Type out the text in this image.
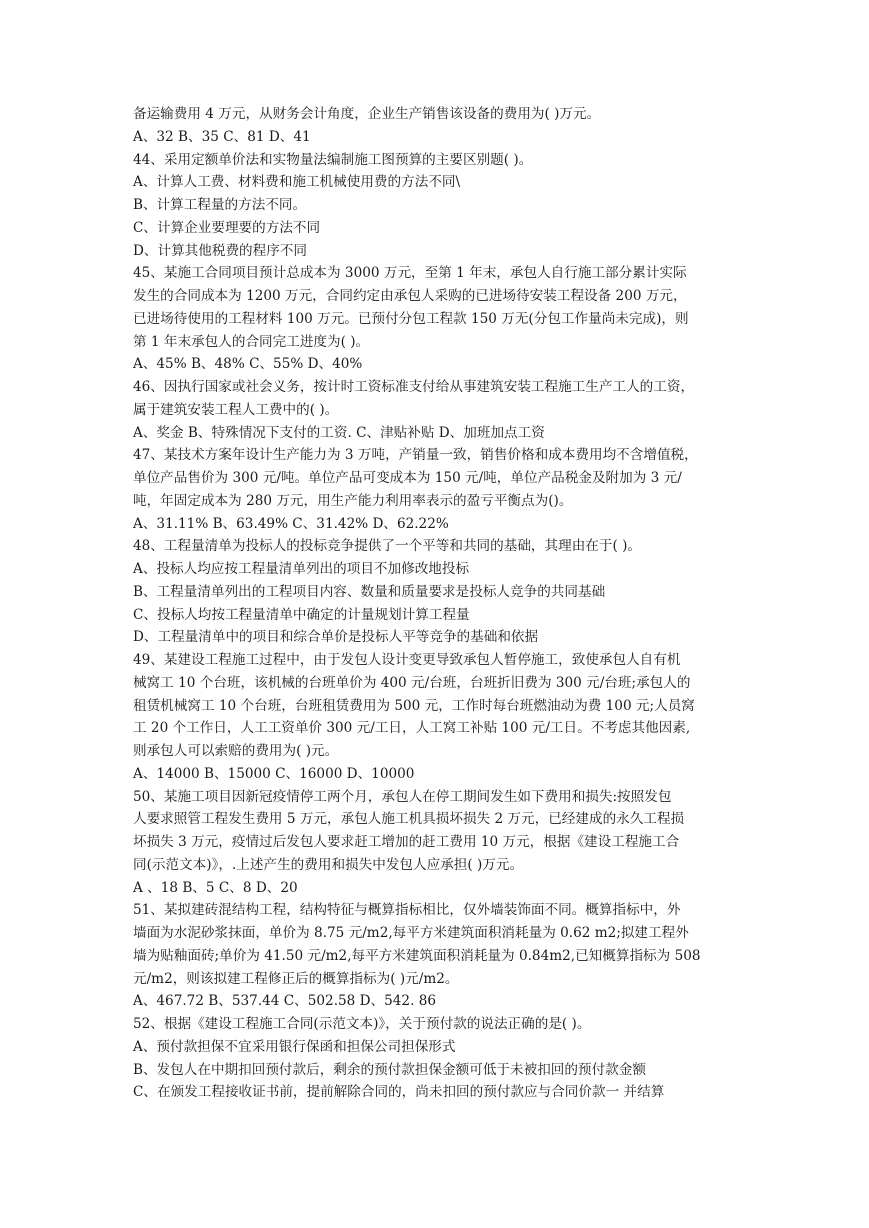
备运输费用 4 万元，从财务会计角度，企业生产销售该设备的费用为( )万元。
A、32 B、35 C、81 D、41
44、采用定额单价法和实物量法编制施工图预算的主要区别题( )。
A、计算人工费、材料费和施工机械使用费的方法不同\
B、计算工程量的方法不同。
C、计算企业要理要的方法不同
D、计算其他税费的程序不同
45、某施工合同项目预计总成本为 3000 万元，至第 1 年末，承包人自行施工部分累计实际
发生的合同成本为 1200 万元，合同约定由承包人采购的已进场待安装工程设备 200 万元，
已进场待使用的工程材料 100 万元。已预付分包工程款 150 万无(分包工作量尚未完成)，则
第 1 年末承包人的合同完工进度为( )。
A、45% B、48% C、55% D、40%
46、因执行国家或社会义务，按计时工资标准支付给从事建筑安装工程施工生产工人的工资，
属于建筑安装工程人工费中的( )。
A、奖金 B、特殊情况下支付的工资. C、津贴补贴 D、加班加点工资
47、某技术方案年设计生产能力为 3 万吨，产销量一致，销售价格和成本费用均不含增值税，
单位产品售价为 300 元/吨。单位产品可变成本为 150 元/吨，单位产品税金及附加为 3 元/
吨，年固定成本为 280 万元，用生产能力利用率表示的盈亏平衡点为()。
A、31.11% B、63.49% C、31.42% D、62.22%
48、工程量清单为投标人的投标竞争提供了一个平等和共同的基础，其理由在于( )。
A、投标人均应按工程量清单列出的项目不加修改地投标
B、工程量清单列出的工程项目内容、数量和质量要求是投标人竞争的共同基础
C、投标人均按工程量清单中确定的计量规划计算工程量
D、工程量清单中的项目和综合单价是投标人平等竞争的基础和依据
49、某建设工程施工过程中，由于发包人设计变更导致承包人暂停施工，致使承包人自有机
械窝工 10 个台班，该机械的台班单价为 400 元/台班，台班折旧费为 300 元/台班;承包人的
租赁机械窝工 10 个台班，台班租赁费用为 500 元，工作时每台班燃油动为费 100 元;人员窝
工 20 个工作日，人工工资单价 300 元/工日，人工窝工补贴 100 元/工日。不考虑其他因素,
则承包人可以索赔的费用为( )元。
A、14000 B、15000 C、16000 D、10000
50、某施工项目因新冠疫情停工两个月，承包人在停工期间发生如下费用和损失:按照发包
人要求照管工程发生费用 5 万元，承包人施工机具损坏损失 2 万元，已经建成的永久工程损
坏损失 3 万元，疫情过后发包人要求赶工增加的赶工费用 10 万元，根据《建设工程施工合
同(示范文本)》，.上述产生的费用和损失中发包人应承担( )万元。
A 、18 B、5 C、8 D、20
51、某拟建砖混结构工程，结构特征与概算指标相比，仅外墙装饰面不同。概算指标中，外
墙面为水泥砂浆抹面，单价为 8.75 元/m2,每平方米建筑面积消耗量为 0.62 m2;拟建工程外
墙为贴釉面砖;单价为 41.50 元/m2,每平方米建筑面积消耗量为 0.84m2,已知概算指标为 508
元/m2，则该拟建工程修正后的概算指标为( )元/m2。
A、467.72 B、537.44 C、502.58 D、542. 86
52、根据《建设工程施工合同(示范文本)》，关于预付款的说法正确的是( )。
A、预付款担保不宜采用银行保函和担保公司担保形式
B、发包人在中期扣回预付款后，剩余的预付款担保金额可低于未被扣回的预付款金额
C、在颁发工程接收证书前，提前解除合同的，尚未扣回的预付款应与合同价款一 并结算
